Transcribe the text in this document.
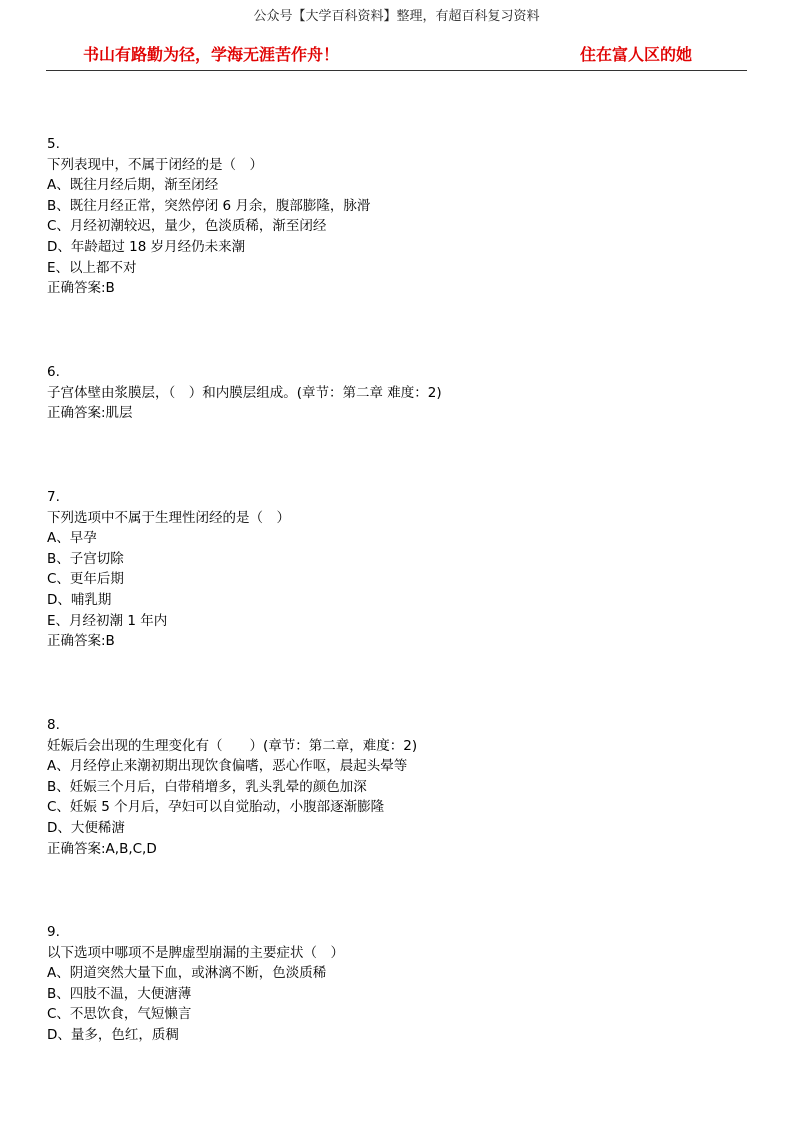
公众号【大学百科资料】整理，有超百科复习资料
书山有路勤为径，学海无涯苦作舟！	住在富人区的她
5.
下列表现中，不属于闭经的是（　）
A、既往月经后期，渐至闭经
B、既往月经正常，突然停闭 6 月余，腹部膨隆，脉滑
C、月经初潮较迟，量少，色淡质稀，渐至闭经
D、年龄超过 18 岁月经仍未来潮
E、以上都不对
正确答案:B
6.
子宫体壁由浆膜层，（　）和内膜层组成。(章节：第二章 难度：2)
正确答案:肌层
7.
下列选项中不属于生理性闭经的是（　）
A、早孕
B、子宫切除
C、更年后期
D、哺乳期
E、月经初潮 1 年内
正确答案:B
8.
妊娠后会出现的生理变化有（　　）(章节：第二章，难度：2)
A、月经停止来潮初期出现饮食偏嗜，恶心作呕，晨起头晕等
B、妊娠三个月后，白带稍增多，乳头乳晕的颜色加深
C、妊娠 5 个月后，孕妇可以自觉胎动，小腹部逐渐膨隆
D、大便稀溏
正确答案:A,B,C,D
9.
以下选项中哪项不是脾虚型崩漏的主要症状（　）
A、阴道突然大量下血，或淋漓不断，色淡质稀
B、四肢不温，大便溏薄
C、不思饮食，气短懒言
D、量多，色红，质稠
